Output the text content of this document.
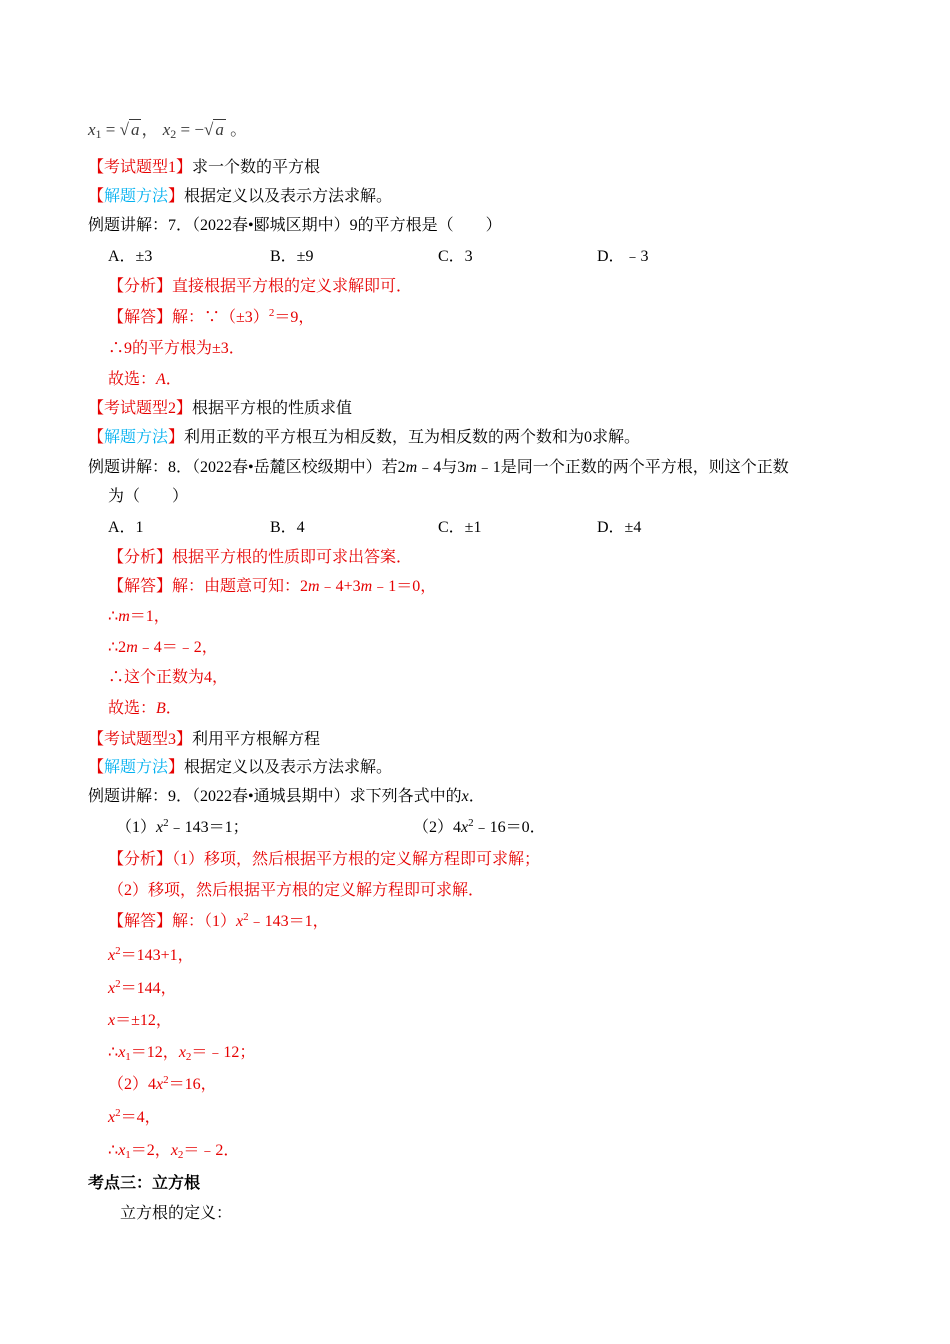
$x_1$ = √ a ， $x_2$ = −√ a 。
【考试题型1】求一个数的平方根
【解题方法】根据定义以及表示方法求解。
例题讲解：7．（2022春•郾城区期中）9的平方根是（　　）
A．±3	B．±9	C．3	D．﹣3
【分析】直接根据平方根的定义求解即可．
【解答】解：$\because(\pm 3)^2=9$，
∴9的平方根为±3．
故选：A．
【考试题型2】根据平方根的性质求值
【解题方法】利用正数的平方根互为相反数，互为相反数的两个数和为0求解。
例题讲解：8．（2022春•岳麓区校级期中）若2m﹣4与3m﹣1是同一个正数的两个平方根，则这个正数
为（　　）
A．1	B．4	C．±1	D．±4
【分析】根据平方根的性质即可求出答案．
【解答】解：由题意可知：2m﹣4+3m﹣1＝0，
∴m＝1，
∴2m﹣4＝﹣2，
∴这个正数为4，
故选：B．
【考试题型3】利用平方根解方程
【解题方法】根据定义以及表示方法求解。
例题讲解：9．（2022春•通城县期中）求下列各式中的x．
$(1)x^2﹣143=1$；	$(2)4x^2﹣16=0$．
【分析】（1）移项，然后根据平方根的定义解方程即可求解；
（2）移项，然后根据平方根的定义解方程即可求解．
【解答】解：$(1)x^2﹣143=1$，
$x^2=143+1$，
$x^2=144$，
x＝±12，
$\therefore x_1=12$，$x_2=﹣12$；
$(2)4x^2=16$，
$x^2=4$，
$\therefore x_1=2$，$x_2=﹣2$．
考点三：立方根
立方根的定义：
